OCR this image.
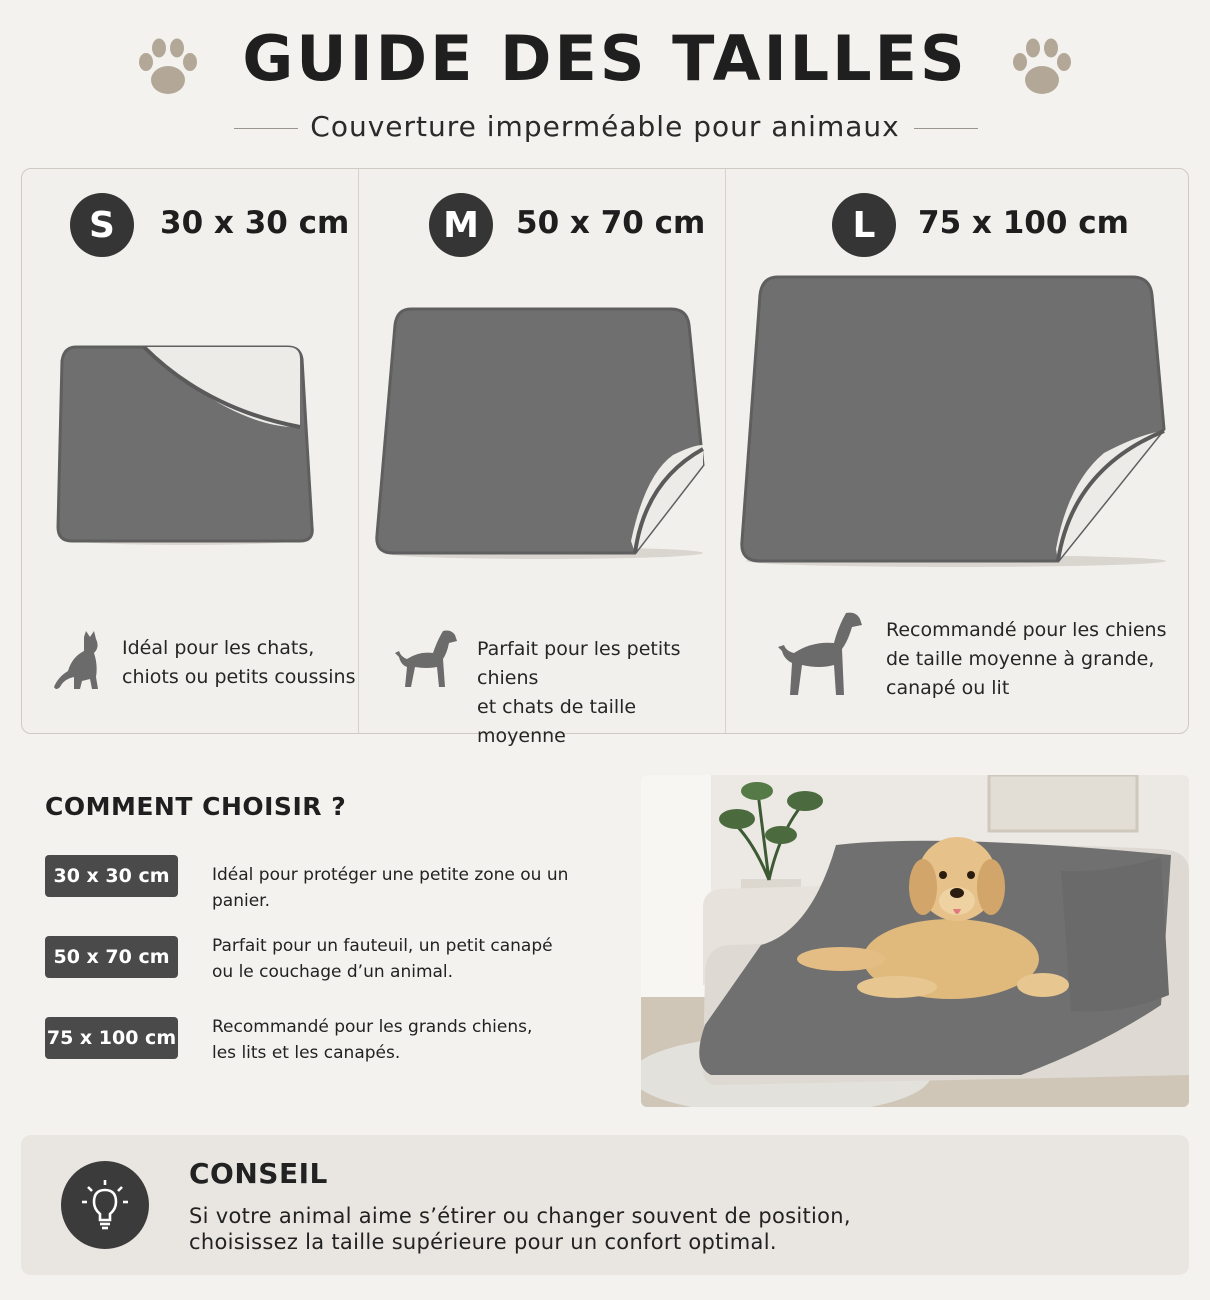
GUIDE DES TAILLES
Couverture imperméable pour animaux
S	30 x 30 cm
Idéal pour les chats,
chiots ou petits coussins
M	50 x 70 cm
Parfait pour les petits chiens
et chats de taille moyenne
L	75 x 100 cm
Recommandé pour les chiens
de taille moyenne à grande,
canapé ou lit
COMMENT CHOISIR ?
30 x 30 cm	Idéal pour protéger une petite zone ou un panier.
50 x 70 cm	Parfait pour un fauteuil, un petit canapé
ou le couchage d’un animal.
75 x 100 cm Recommandé pour les grands chiens,
les lits et les canapés.
CONSEIL
Si votre animal aime s’étirer ou changer souvent de position,
choisissez la taille supérieure pour un confort optimal.
